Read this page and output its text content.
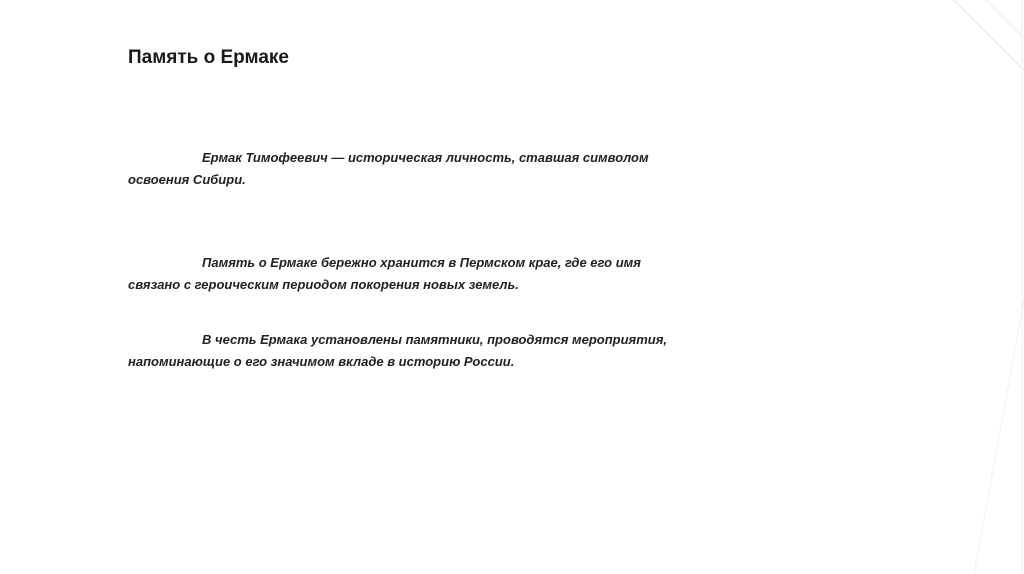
Память о Ермаке

Ермак Тимофеевич — историческая личность, ставшая символом освоения Сибири.

Память о Ермаке бережно хранится в Пермском крае, где его имя связано с героическим периодом покорения новых земель.

В честь Ермака установлены памятники, проводятся мероприятия, напоминающие о его значимом вкладе в историю России.
